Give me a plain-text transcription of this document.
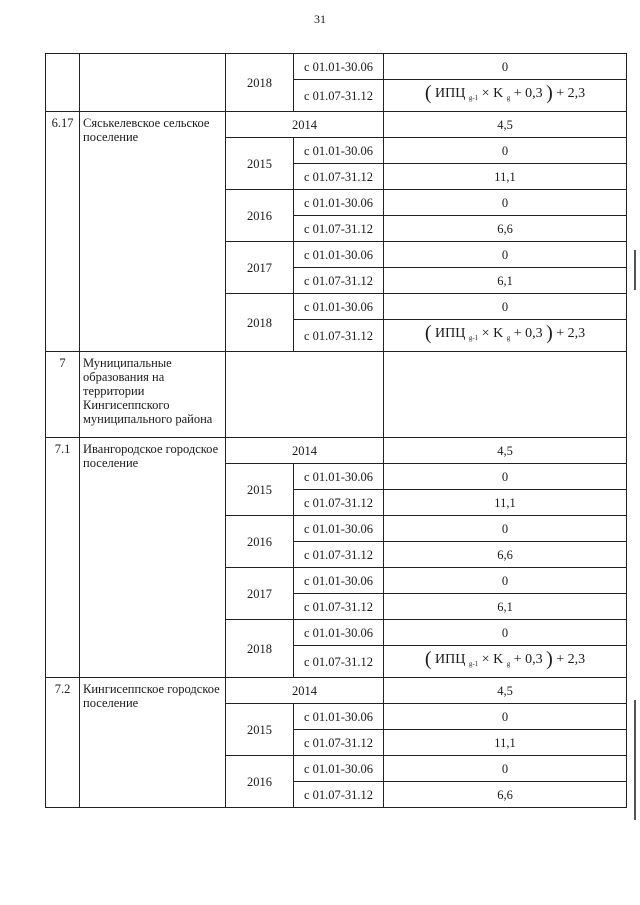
31
		2018	с 01.01-30.06	0
			с 01.07-31.12	( ИПЦ $_{g-1}$ × K $_g$ + 0,3 ) + 2,3
6.17	Сяськелевское сельское поселение	2014		4,5
		2015	с 01.01-30.06	0
			с 01.07-31.12	11,1
		2016	с 01.01-30.06	0
			с 01.07-31.12	6,6
		2017	с 01.01-30.06	0
			с 01.07-31.12	6,1
		2018	с 01.01-30.06	0
			с 01.07-31.12	( ИПЦ $_{g-1}$ × K $_g$ + 0,3 ) + 2,3
7	Муниципальные образования на территории Кингисеппского муниципального района			
7.1	Ивангородское городское поселение	2014		4,5
		2015	с 01.01-30.06	0
			с 01.07-31.12	11,1
		2016	с 01.01-30.06	0
			с 01.07-31.12	6,6
		2017	с 01.01-30.06	0
			с 01.07-31.12	6,1
		2018	с 01.01-30.06	0
			с 01.07-31.12	( ИПЦ $_{g-1}$ × K $_g$ + 0,3 ) + 2,3
7.2	Кингисеппское городское поселение	2014		4,5
		2015	с 01.01-30.06	0
			с 01.07-31.12	11,1
		2016	с 01.01-30.06	0
			с 01.07-31.12	6,6
